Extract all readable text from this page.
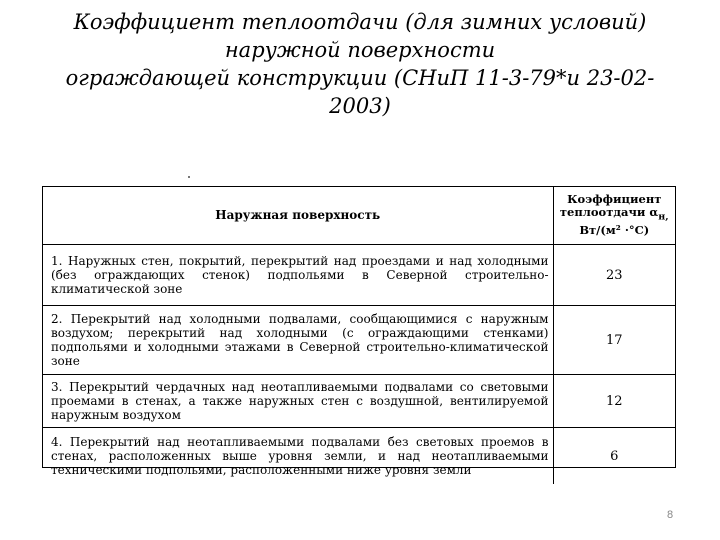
Коэффициент теплоотдачи (для зимних условий)
наружной поверхности
ограждающей конструкции (СНиП 11-3-79*и 23-02-
2003)
Наружная поверхность	Коэффициент
теплоотдачи $\alpha_{н,}$
Вт/(м² ·°С)

1. Наружных стен, покрытий, перекрытий над проездами и над холодными (без ограждающих стенок) подпольями в Северной строительно-климатической зоне	23
2. Перекрытий над холодными подвалами, сообщающимися с наружным воздухом; перекрытий над холодными (с ограждающими стенками) подпольями и холодными этажами в Северной строительно-климатической зоне	17
3. Перекрытий чердачных над неотапливаемыми подвалами со световыми проемами в стенах, а также наружных стен с воздушной, вентилируемой наружным воздухом	12
4. Перекрытий над неотапливаемыми подвалами без световых проемов в стенах, расположенных выше уровня земли, и над неотапливаемыми техническими подпольями, расположенными ниже уровня земли	6
8
